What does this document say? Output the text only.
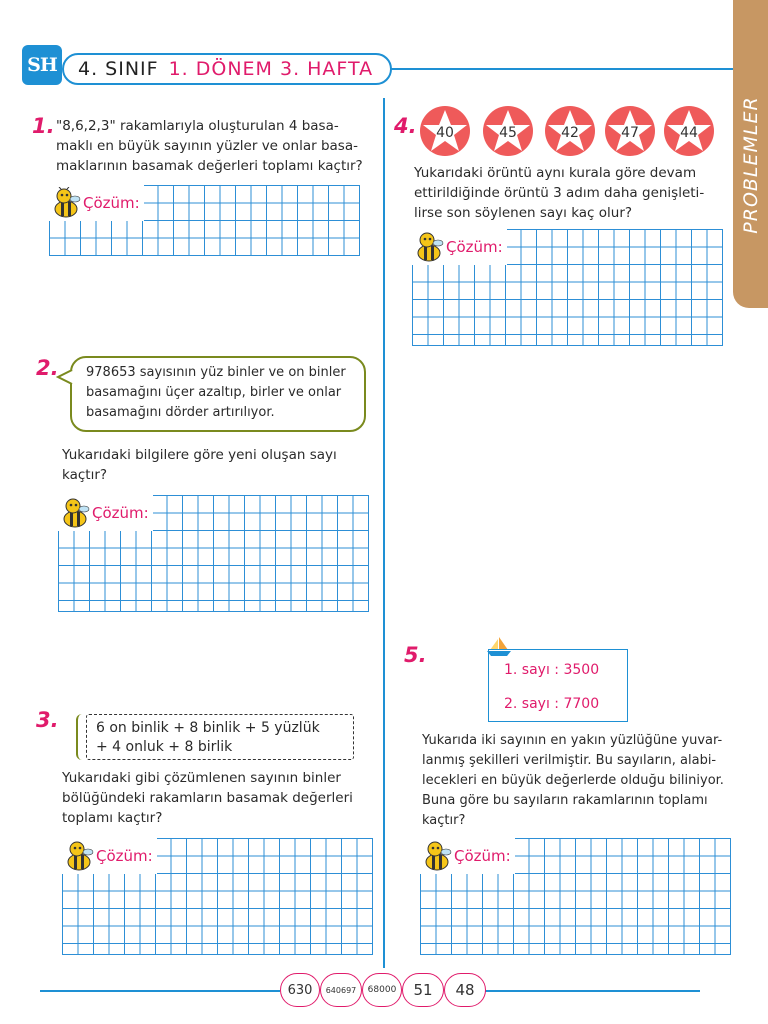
SH 4. SINIF 1. DÖNEM 3. HAFTA
PROBLEMLER
1. "8,6,2,3" rakamlarıyla oluşturulan 4 basa-
maklı en büyük sayının yüzler ve onlar basa-
maklarının basamak değerleri toplamı kaçtır?
Çözüm:
2. 978653 sayısının yüz binler ve on binler
basamağını üçer azaltıp, birler ve onlar
basamağını dörder artırılıyor.
Yukarıdaki bilgilere göre yeni oluşan sayı
kaçtır?
Çözüm:
3.	6 on binlik + 8 binlik + 5 yüzlük
+ 4 onluk + 8 birlik
Yukarıdaki gibi çözümlenen sayının binler
bölüğündeki rakamların basamak değerleri
toplamı kaçtır?
Çözüm:
4. 40	45	42	47	44
Yukarıdaki örüntü aynı kurala göre devam
ettirildiğinde örüntü 3 adım daha genişleti-
lirse son söylenen sayı kaç olur?
Çözüm:
5.
1. sayı : 3500
2. sayı : 7700
Yukarıda iki sayının en yakın yüzlüğüne yuvar-
lanmış şekilleri verilmiştir. Bu sayıların, alabi-
lecekleri en büyük değerlerde olduğu biliniyor.
Buna göre bu sayıların rakamlarının toplamı
kaçtır?
Çözüm:
630	640697	68000	51	48
